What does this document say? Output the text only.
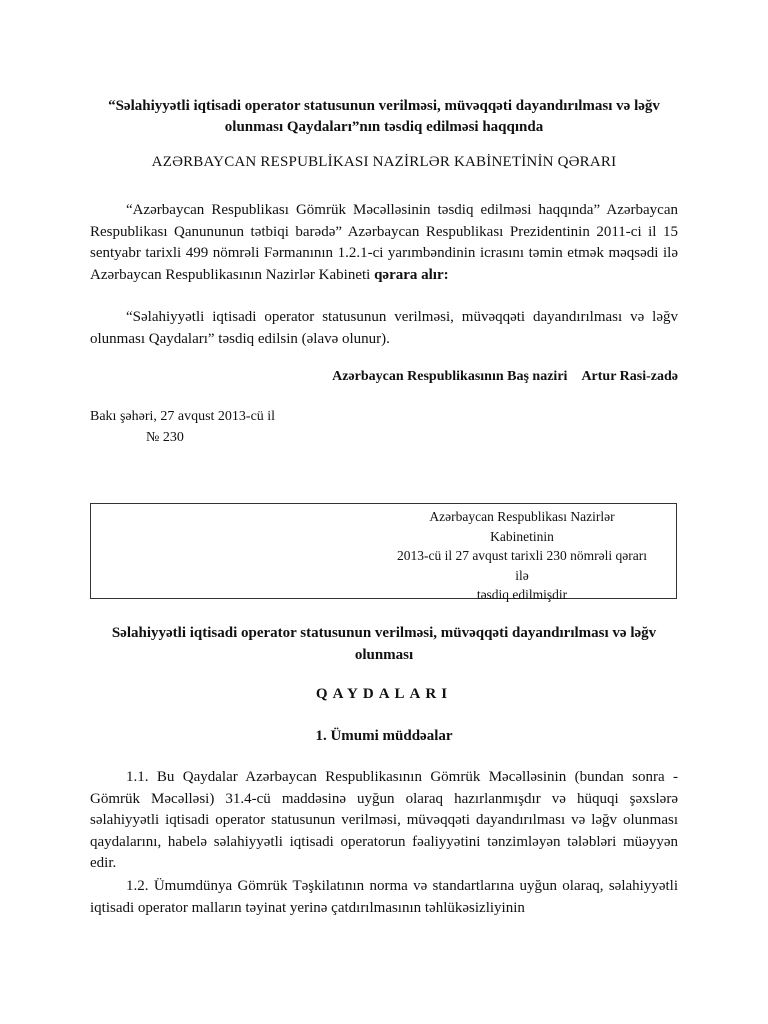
“Səlahiyyətli iqtisadi operator statusunun verilməsi, müvəqqəti dayandırılması və ləğv olunması Qaydaları”nın təsdiq edilməsi haqqında

AZƏRBAYCAN RESPUBLİKASI NAZİRLƏR KABİNETİNİN QƏRARI

“Azərbaycan Respublikası Gömrük Məcəlləsinin təsdiq edilməsi haqqında” Azərbaycan Respublikası Qanununun tətbiqi barədə” Azərbaycan Respublikası Prezidentinin 2011-ci il 15 sentyabr tarixli 499 nömrəli Fərmanının 1.2.1-ci yarımbəndinin icrasını təmin etmək məqsədi ilə Azərbaycan Respublikasının Nazirlər Kabineti qərara alır:

“Səlahiyyətli iqtisadi operator statusunun verilməsi, müvəqqəti dayandırılması və ləğv olunması Qaydaları” təsdiq edilsin (əlavə olunur).

Azərbaycan Respublikasının Baş naziri Artur Rasi-zadə

Bakı şəhəri, 27 avqust 2013-cü il
№ 230
Azərbaycan Respublikası Nazirlər
Kabinetinin
2013-cü il 27 avqust tarixli 230 nömrəli qərarı
ilə
təsdiq edilmişdir

Səlahiyyətli iqtisadi operator statusunun verilməsi, müvəqqəti dayandırılması və ləğv olunması

QAYDALARI

1. Ümumi müddəalar

1.1. Bu Qaydalar Azərbaycan Respublikasının Gömrük Məcəlləsinin (bundan sonra - Gömrük Məcəlləsi) 31.4-cü maddəsinə uyğun olaraq hazırlanmışdır və hüquqi şəxslərə səlahiyyətli iqtisadi operator statusunun verilməsi, müvəqqəti dayandırılması və ləğv olunması qaydalarını, habelə səlahiyyətli iqtisadi operatorun fəaliyyətini tənzimləyən tələbləri müəyyən edir.

1.2. Ümumdünya Gömrük Təşkilatının norma və standartlarına uyğun olaraq, səlahiyyətli iqtisadi operator malların təyinat yerinə çatdırılmasının təhlükəsizliyinin
